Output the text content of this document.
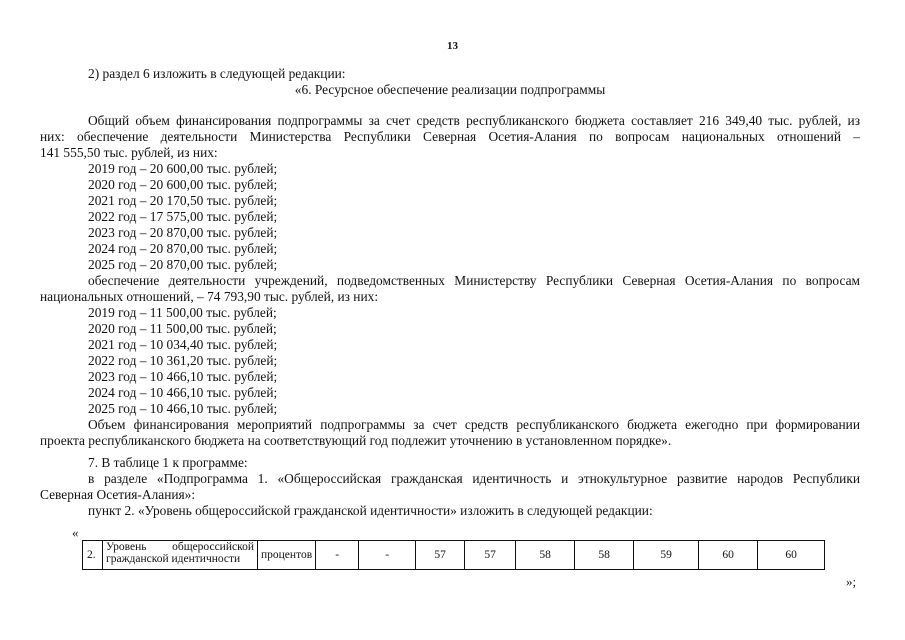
13
2) раздел 6 изложить в следующей редакции:
«6. Ресурсное обеспечение реализации подпрограммы
Общий объем финансирования подпрограммы за счет средств республиканского бюджета составляет 216 349,40 тыс. рублей, из
них: обеспечение деятельности Министерства Республики Северная Осетия-Алания по вопросам национальных отношений –
141 555,50 тыс. рублей, из них:
2019 год – 20 600,00 тыс. рублей;
2020 год – 20 600,00 тыс. рублей;
2021 год – 20 170,50 тыс. рублей;
2022 год – 17 575,00 тыс. рублей;
2023 год – 20 870,00 тыс. рублей;
2024 год – 20 870,00 тыс. рублей;
2025 год – 20 870,00 тыс. рублей;
обеспечение деятельности учреждений, подведомственных Министерству Республики Северная Осетия-Алания по вопросам
национальных отношений, – 74 793,90 тыс. рублей, из них:
2019 год – 11 500,00 тыс. рублей;
2020 год – 11 500,00 тыс. рублей;
2021 год – 10 034,40 тыс. рублей;
2022 год – 10 361,20 тыс. рублей;
2023 год – 10 466,10 тыс. рублей;
2024 год – 10 466,10 тыс. рублей;
2025 год – 10 466,10 тыс. рублей;
Объем финансирования мероприятий подпрограммы за счет средств республиканского бюджета ежегодно при формировании
проекта республиканского бюджета на соответствующий год подлежит уточнению в установленном порядке».
7. В таблице 1 к программе:
в разделе «Подпрограмма 1. «Общероссийская гражданская идентичность и этнокультурное развитие народов Республики
Северная Осетия-Алания»:
пункт 2. «Уровень общероссийской гражданской идентичности» изложить в следующей редакции:
«
2.	Уровень общероссийской гражданской идентичности	процентов	-	-	57	57	58	58	59	60	60
»;
